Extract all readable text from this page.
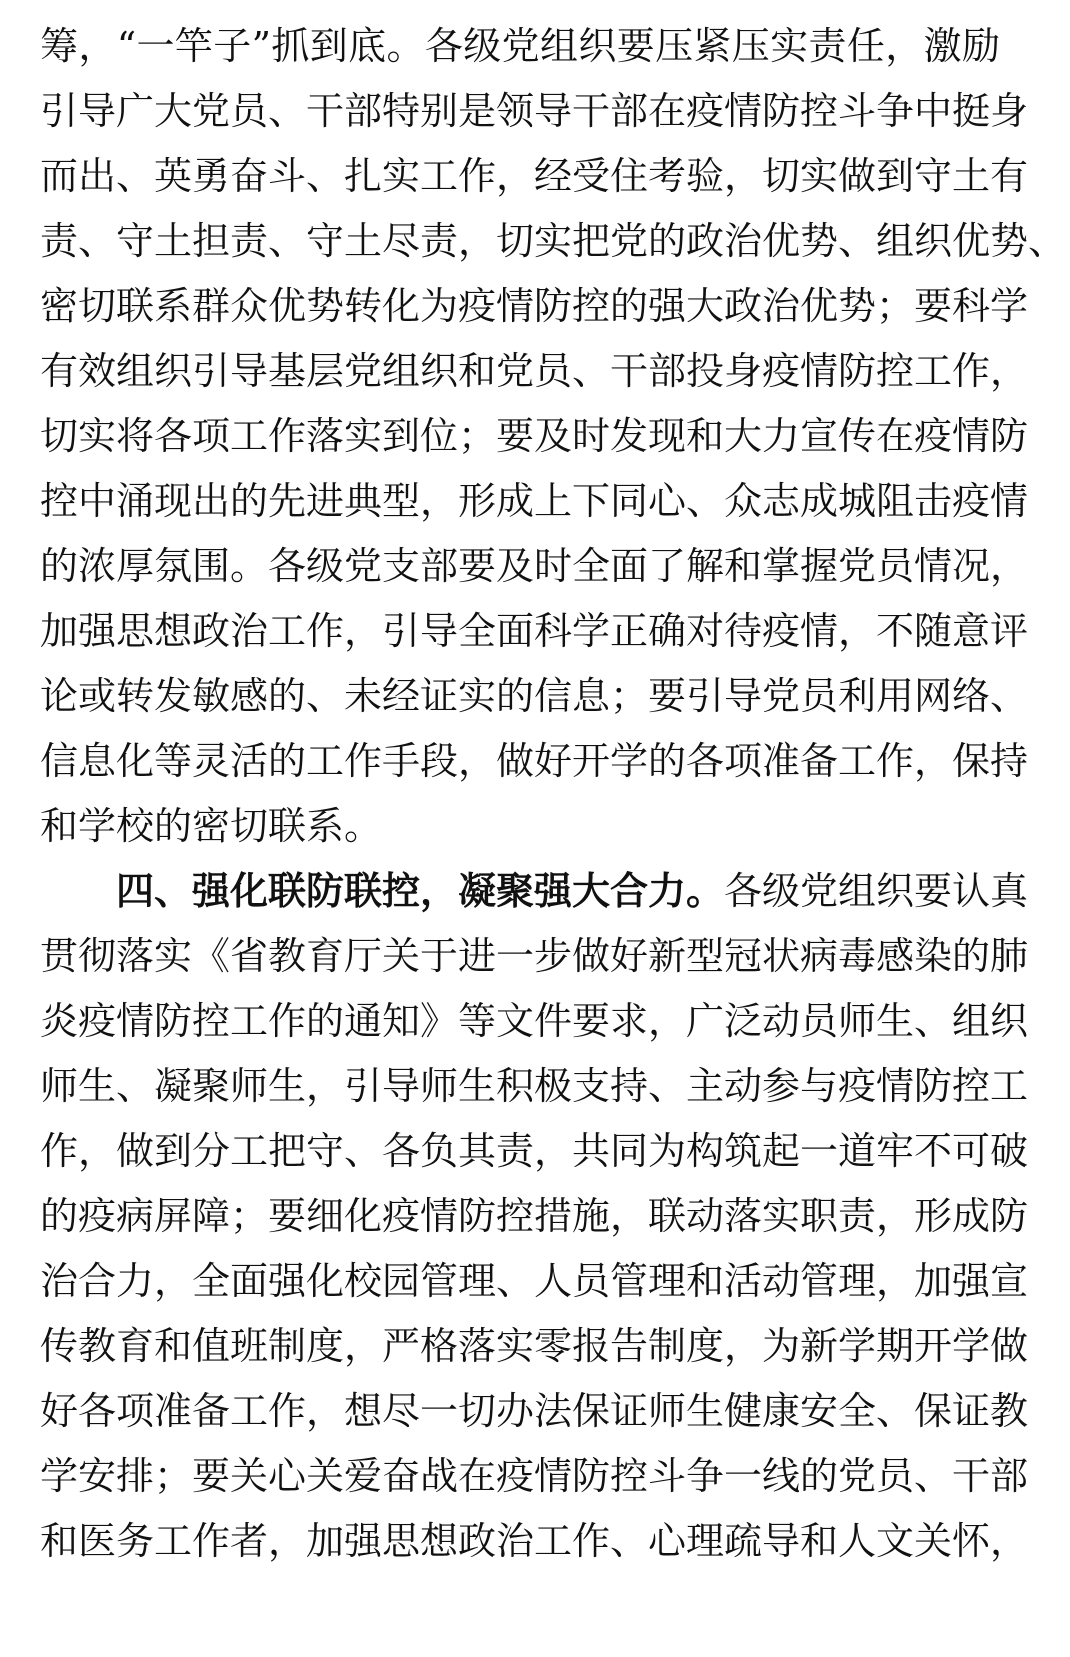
筹，“一竿子”抓到底。各级党组织要压紧压实责任，激励
引导广大党员、干部特别是领导干部在疫情防控斗争中挺身
而出、英勇奋斗、扎实工作，经受住考验，切实做到守土有
责、守土担责、守土尽责，切实把党的政治优势、组织优势、
密切联系群众优势转化为疫情防控的强大政治优势；要科学
有效组织引导基层党组织和党员、干部投身疫情防控工作，
切实将各项工作落实到位；要及时发现和大力宣传在疫情防
控中涌现出的先进典型，形成上下同心、众志成城阻击疫情
的浓厚氛围。各级党支部要及时全面了解和掌握党员情况，
加强思想政治工作，引导全面科学正确对待疫情，不随意评
论或转发敏感的、未经证实的信息；要引导党员利用网络、
信息化等灵活的工作手段，做好开学的各项准备工作，保持
和学校的密切联系。
四、强化联防联控，凝聚强大合力。各级党组织要认真
贯彻落实《省教育厅关于进一步做好新型冠状病毒感染的肺
炎疫情防控工作的通知》等文件要求，广泛动员师生、组织
师生、凝聚师生，引导师生积极支持、主动参与疫情防控工
作，做到分工把守、各负其责，共同为构筑起一道牢不可破
的疫病屏障；要细化疫情防控措施，联动落实职责，形成防
治合力，全面强化校园管理、人员管理和活动管理，加强宣
传教育和值班制度，严格落实零报告制度，为新学期开学做
好各项准备工作，想尽一切办法保证师生健康安全、保证教
学安排；要关心关爱奋战在疫情防控斗争一线的党员、干部
和医务工作者，加强思想政治工作、心理疏导和人文关怀，
